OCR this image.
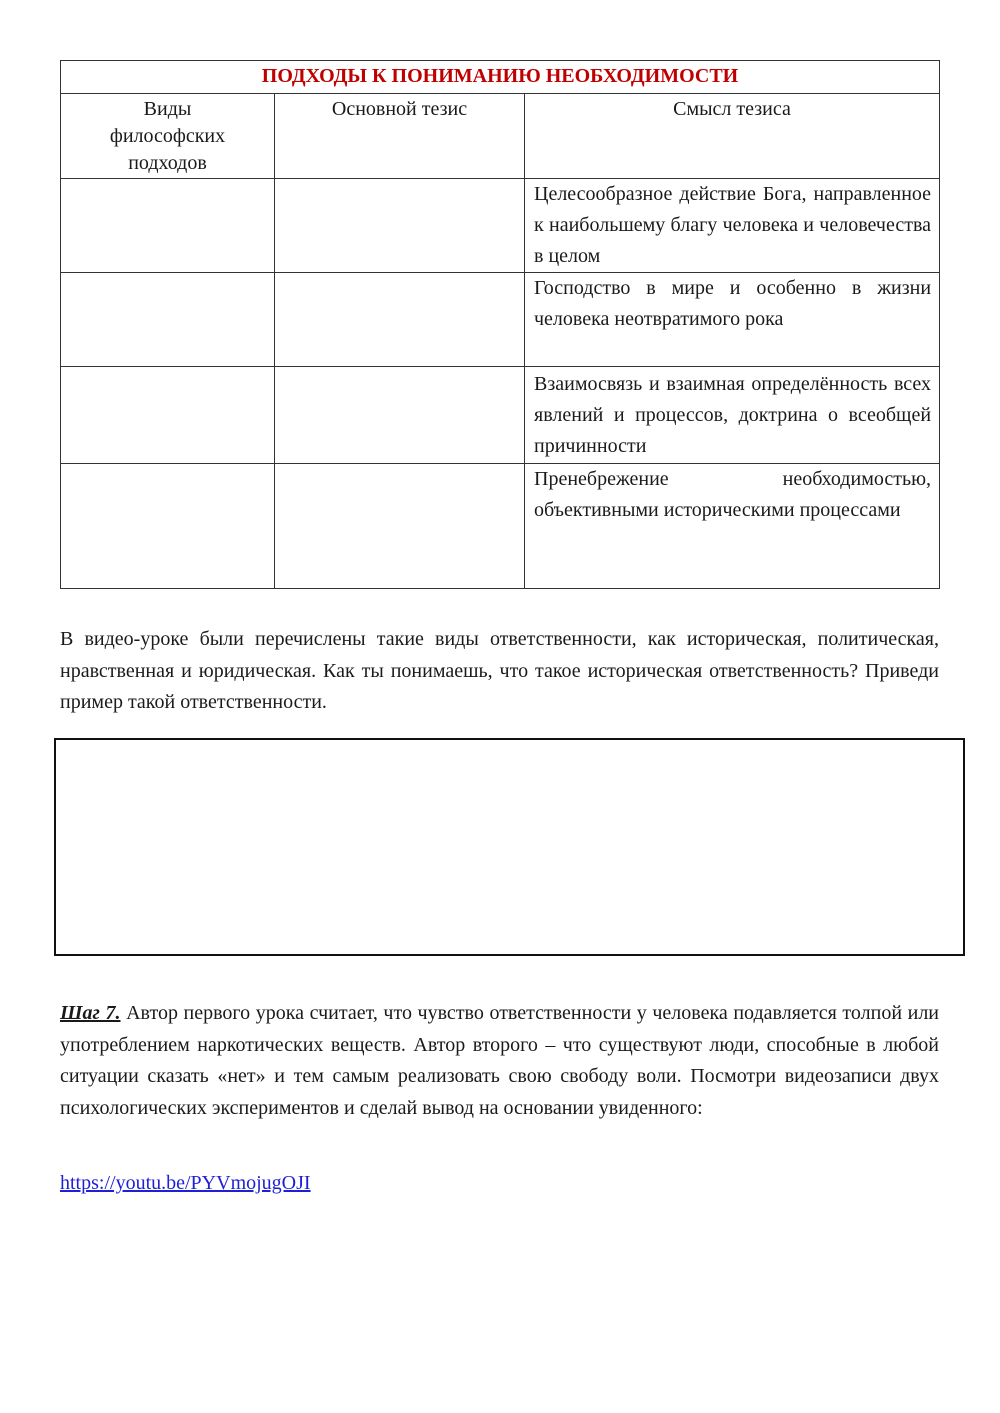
ПОДХОДЫ К ПОНИМАНИЮ НЕОБХОДИМОСТИ		
Виды философских подходов	Основной тезис	Смысл тезиса
		Целесообразное действие Бога, направленное к наибольшему благу человека и человечества в целом
		Господство в мире и особенно в жизни человека неотвратимого рока
		Взаимосвязь и взаимная определённость всех явлений и процессов, доктрина о всеобщей причинности
		Пренебрежение необходимостью, объективными историческими процессами

В видео-уроке были перечислены такие виды ответственности, как историческая, политическая, нравственная и юридическая. Как ты понимаешь, что такое историческая ответственность? Приведи пример такой ответственности.

Шаг 7. Автор первого урока считает, что чувство ответственности у человека подавляется толпой или употреблением наркотических веществ. Автор второго – что существуют люди, способные в любой ситуации сказать «нет» и тем самым реализовать свою свободу воли. Посмотри видеозаписи двух психологических экспериментов и сделай вывод на основании увиденного:

https://youtu.be/PYVmojugOJI
